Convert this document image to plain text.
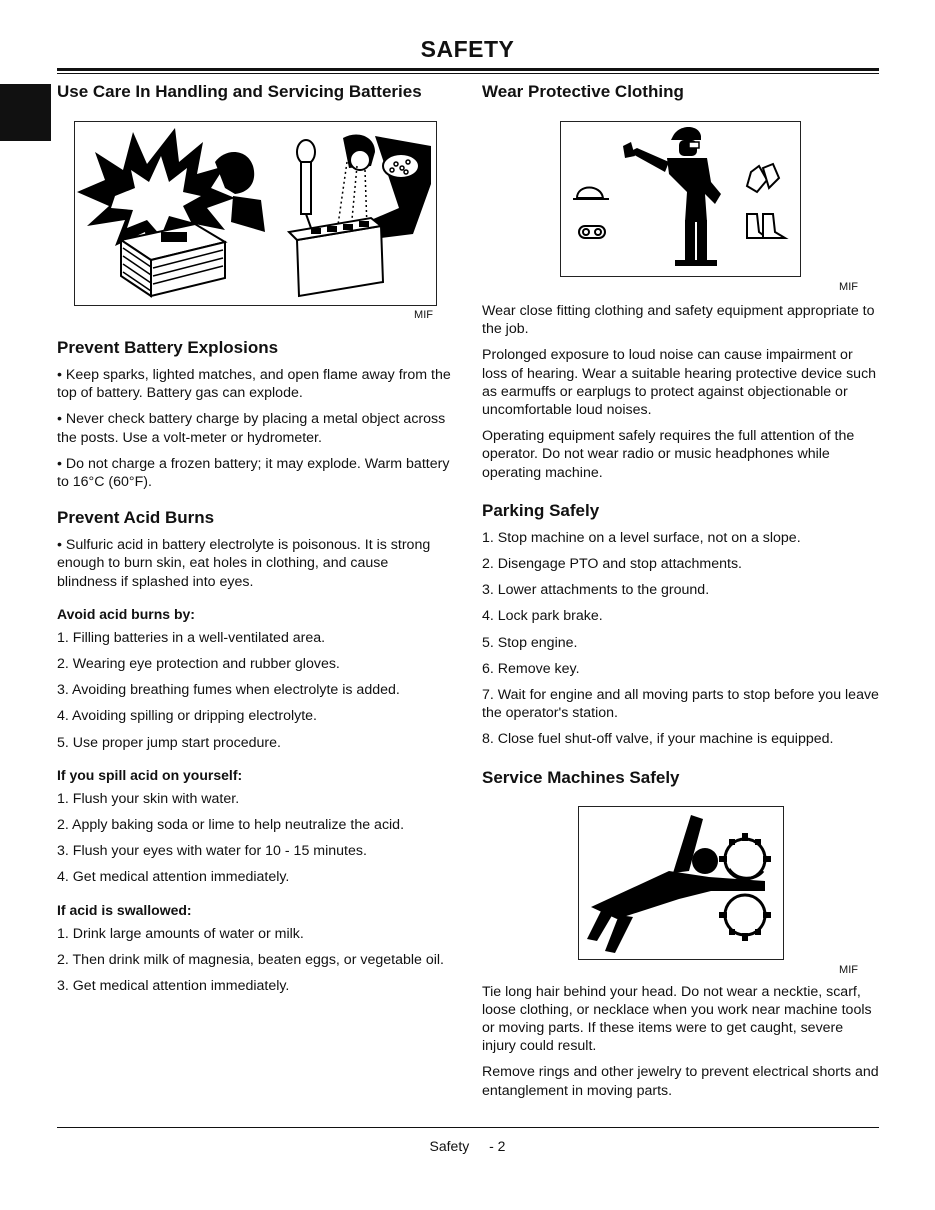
SAFETY
Use Care In Handling and Servicing Batteries
MIF
Prevent Battery Explosions

• Keep sparks, lighted matches, and open flame away from the top of battery. Battery gas can explode.

• Never check battery charge by placing a metal object across the posts. Use a volt-meter or hydrometer.

• Do not charge a frozen battery; it may explode. Warm battery to 16°C (60°F).

Prevent Acid Burns

• Sulfuric acid in battery electrolyte is poisonous. It is strong enough to burn skin, eat holes in clothing, and cause blindness if splashed into eyes.

Avoid acid burns by:

1. Filling batteries in a well-ventilated area.

2. Wearing eye protection and rubber gloves.

3. Avoiding breathing fumes when electrolyte is added.

4. Avoiding spilling or dripping electrolyte.

5. Use proper jump start procedure.

If you spill acid on yourself:

1. Flush your skin with water.

2. Apply baking soda or lime to help neutralize the acid.

3. Flush your eyes with water for 10 - 15 minutes.

4. Get medical attention immediately.

If acid is swallowed:

1. Drink large amounts of water or milk.

2. Then drink milk of magnesia, beaten eggs, or vegetable oil.

3. Get medical attention immediately.

Wear Protective Clothing
MIF

Wear close fitting clothing and safety equipment appropriate to the job.

Prolonged exposure to loud noise can cause impairment or loss of hearing. Wear a suitable hearing protective device such as earmuffs or earplugs to protect against objectionable or uncomfortable loud noises.

Operating equipment safely requires the full attention of the operator. Do not wear radio or music headphones while operating machine.

Parking Safely

1. Stop machine on a level surface, not on a slope.

2. Disengage PTO and stop attachments.

3. Lower attachments to the ground.

4. Lock park brake.

5. Stop engine.

6. Remove key.

7. Wait for engine and all moving parts to stop before you leave the operator's station.

8. Close fuel shut-off valve, if your machine is equipped.

Service Machines Safely
MIF

Tie long hair behind your head. Do not wear a necktie, scarf, loose clothing, or necklace when you work near machine tools or moving parts. If these items were to get caught, severe injury could result.

Remove rings and other jewelry to prevent electrical shorts and entanglement in moving parts.

Safety - 2
